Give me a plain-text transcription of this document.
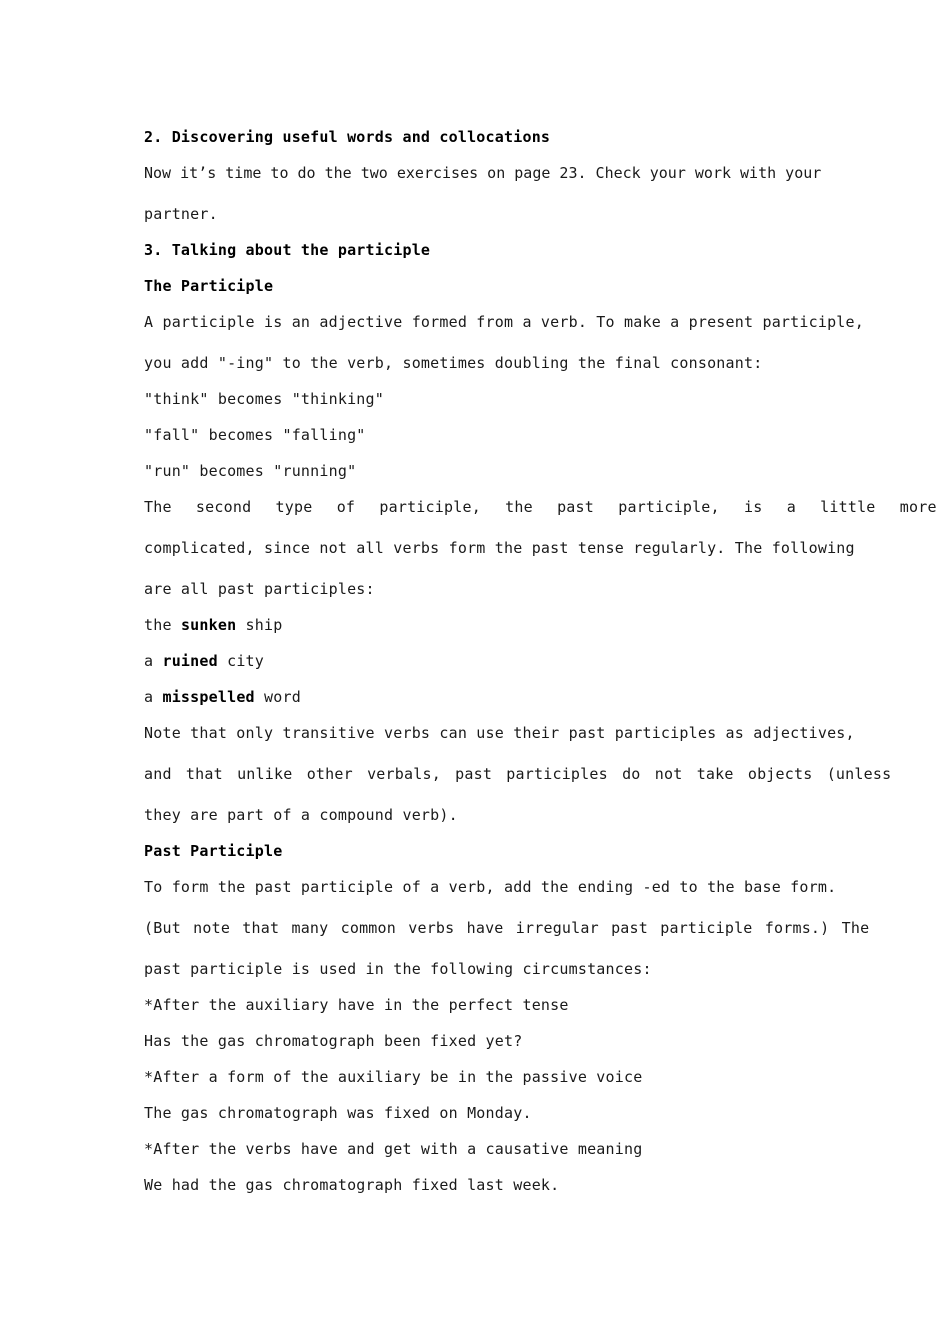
2. Discovering useful words and collocations
Now it’s time to do the two exercises on page 23. Check your work with your
partner.
3. Talking about the participle
The Participle
A participle is an adjective formed from a verb. To make a present participle,
you add "-ing" to the verb, sometimes doubling the final consonant:
"think" becomes "thinking"
"fall" becomes "falling"
"run" becomes "running"
The second type of participle, the past participle, is a little more
complicated, since not all verbs form the past tense regularly. The following
are all past participles:
the sunken ship
a ruined city
a misspelled word
Note that only transitive verbs can use their past participles as adjectives,
and that unlike other verbals, past participles do not take objects (unless
they are part of a compound verb).
Past Participle
To form the past participle of a verb, add the ending -ed to the base form.
(But note that many common verbs have irregular past participle forms.) The
past participle is used in the following circumstances:
*After the auxiliary have in the perfect tense
Has the gas chromatograph been fixed yet?
*After a form of the auxiliary be in the passive voice
The gas chromatograph was fixed on Monday.
*After the verbs have and get with a causative meaning
We had the gas chromatograph fixed last week.
